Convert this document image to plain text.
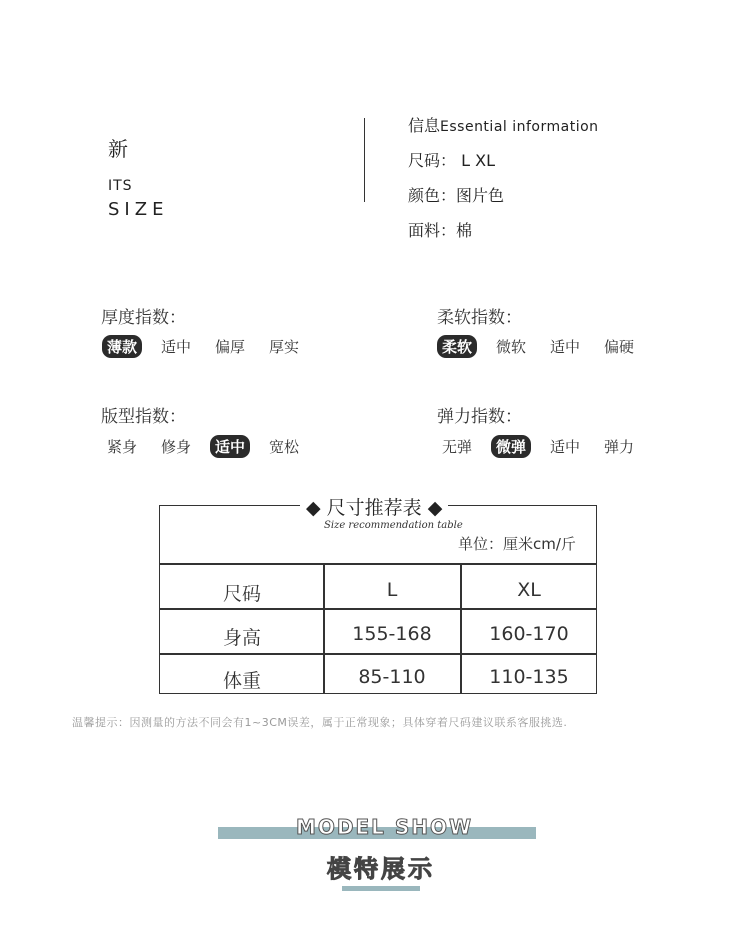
新
ITS
SIZE
信息Essential information
尺码： L XL
颜色：图片色
面料：棉
厚度指数：
薄款	适中	偏厚	厚实
柔软指数：
柔软	微软	适中	偏硬
版型指数：
紧身	修身	适中	宽松
弹力指数：
无弹	微弹	适中	弹力
◆ 尺寸推荐表 ◆
Size recommendation table
单位：厘米cm/斤
尺码	L	XL
身高	155-168	160-170
体重	85-110	110-135
温馨提示：因测量的方法不同会有1~3CM误差，属于正常现象；具体穿着尺码建议联系客服挑选.
MODEL SHOW
模特展示
